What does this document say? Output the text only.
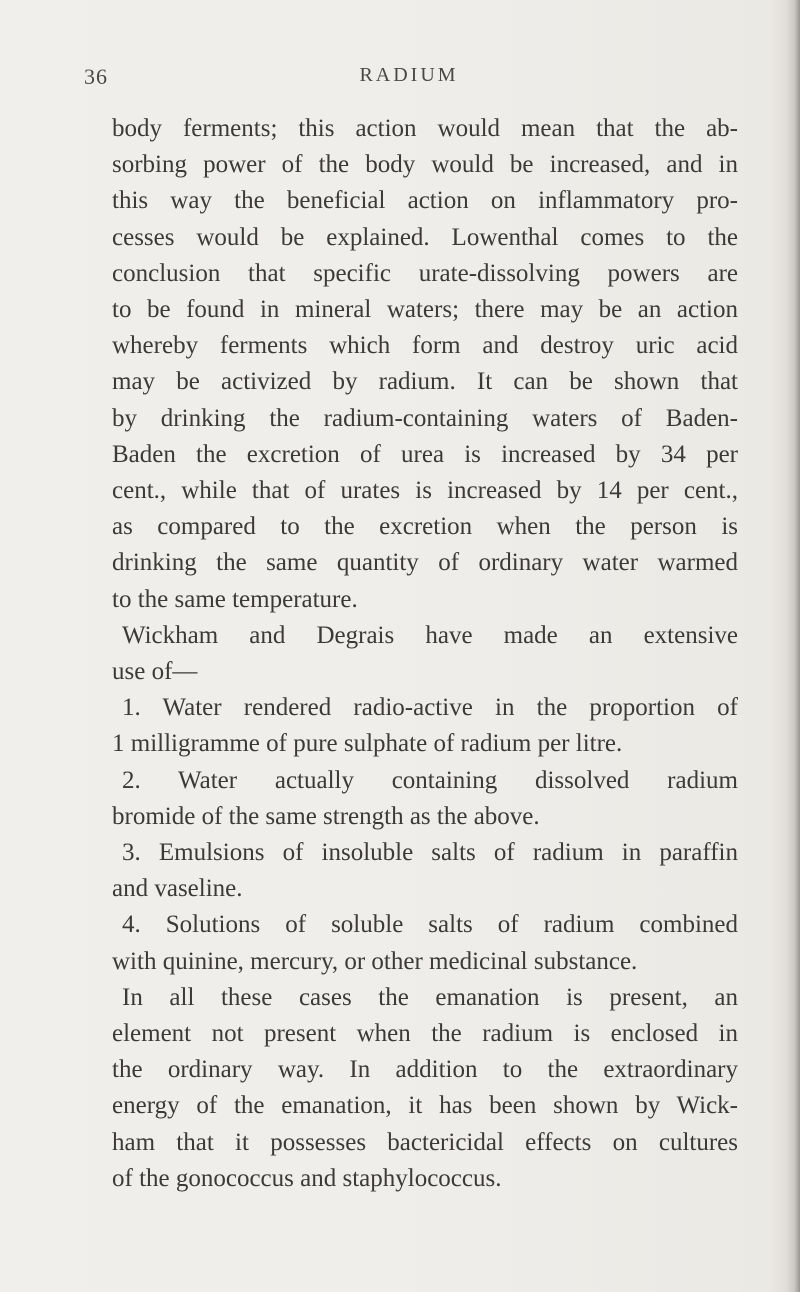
36	RADIUM
body ferments; this action would mean that the ab-
sorbing power of the body would be increased, and in
this way the beneficial action on inflammatory pro-
cesses would be explained. Lowenthal comes to the
conclusion that specific urate-dissolving powers are
to be found in mineral waters; there may be an action
whereby ferments which form and destroy uric acid
may be activized by radium. It can be shown that
by drinking the radium-containing waters of Baden-
Baden the excretion of urea is increased by 34 per
cent., while that of urates is increased by 14 per cent.,
as compared to the excretion when the person is
drinking the same quantity of ordinary water warmed
to the same temperature.
Wickham and Degrais have made an extensive
use of—
1. Water rendered radio-active in the proportion of
1 milligramme of pure sulphate of radium per litre.
2. Water actually containing dissolved radium
bromide of the same strength as the above.
3. Emulsions of insoluble salts of radium in paraffin
and vaseline.
4. Solutions of soluble salts of radium combined
with quinine, mercury, or other medicinal substance.
In all these cases the emanation is present, an
element not present when the radium is enclosed in
the ordinary way. In addition to the extraordinary
energy of the emanation, it has been shown by Wick-
ham that it possesses bactericidal effects on cultures
of the gonococcus and staphylococcus.
